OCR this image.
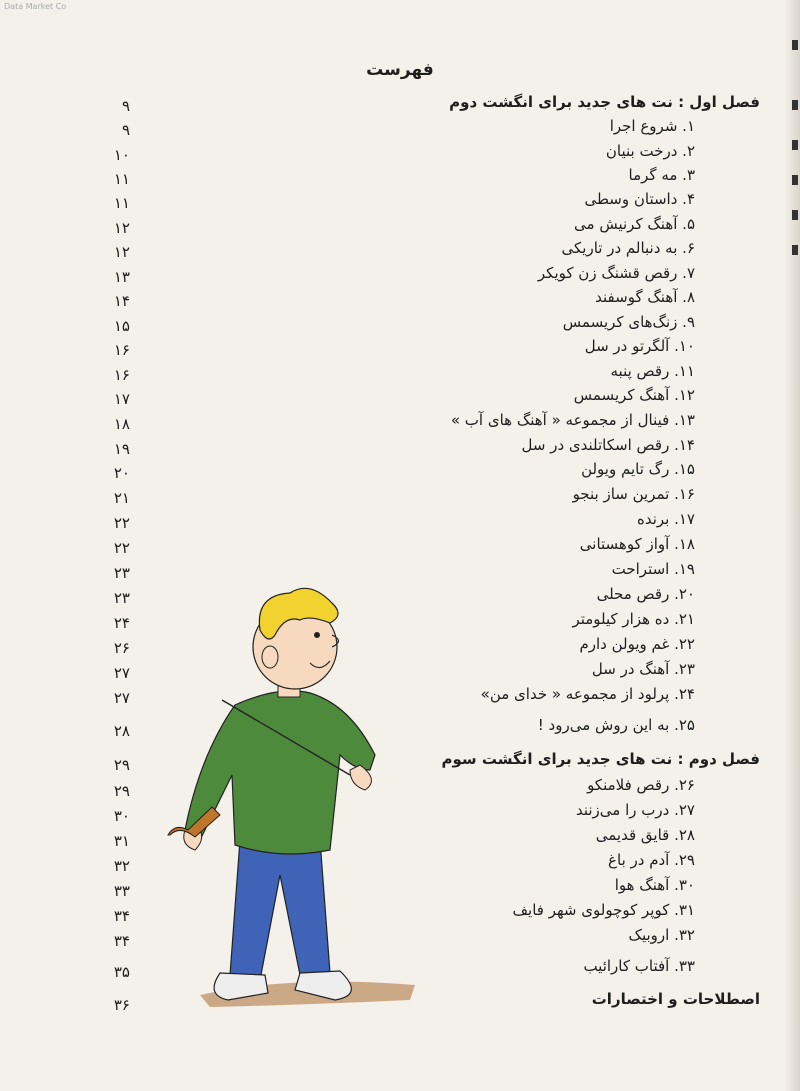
Data Market Co
فهرست
فصل اول : نت های جدید برای انگشت دوم
۹
۱. شروع اجرا
۹
۲. درخت بنیان
۱۰
۳. مه گرما
۱۱
۴. داستان وسطی
۱۱
۵. آهنگ کرنیش می
۱۲
۶. به دنبالم در تاریکی
۱۲
۷. رقص قشنگ زن کویکر
۱۳
۸. آهنگ گوسفند
۱۴
۹. زنگ‌های کریسمس
۱۵
۱۰. آلگرتو در سل
۱۶
۱۱. رقص پنبه
۱۶
۱۲. آهنگ کریسمس
۱۷
۱۳. فینال از مجموعه « آهنگ های آب »
۱۸
۱۴. رقص اسکاتلندی در سل
۱۹
۱۵. رگ تایم ویولن
۲۰
۱۶. تمرین ساز بنجو
۲۱
۱۷. برنده
۲۲
۱۸. آواز کوهستانی
۲۲
۱۹. استراحت
۲۳
۲۰. رقص محلی
۲۳
۲۱. ده هزار کیلومتر
۲۴
۲۲. غم ویولن دارم
۲۶
۲۳. آهنگ در سل
۲۷
۲۴. پرلود از مجموعه « خدای من»
۲۷
۲۵. به این روش می‌رود !
۲۸
فصل دوم : نت های جدید برای انگشت سوم
۲۹
۲۶. رقص فلامنکو
۲۹
۲۷. درب را می‌زنند
۳۰
۲۸. قایق قدیمی
۳۱
۲۹. آدم در باغ
۳۲
۳۰. آهنگ هوا
۳۳
۳۱. کوپر کوچولوی شهر فایف
۳۴
۳۲. اروبیک
۳۴
۳۳. آفتاب کارائیب
۳۵
اصطلاحات و اختصارات
۳۶
